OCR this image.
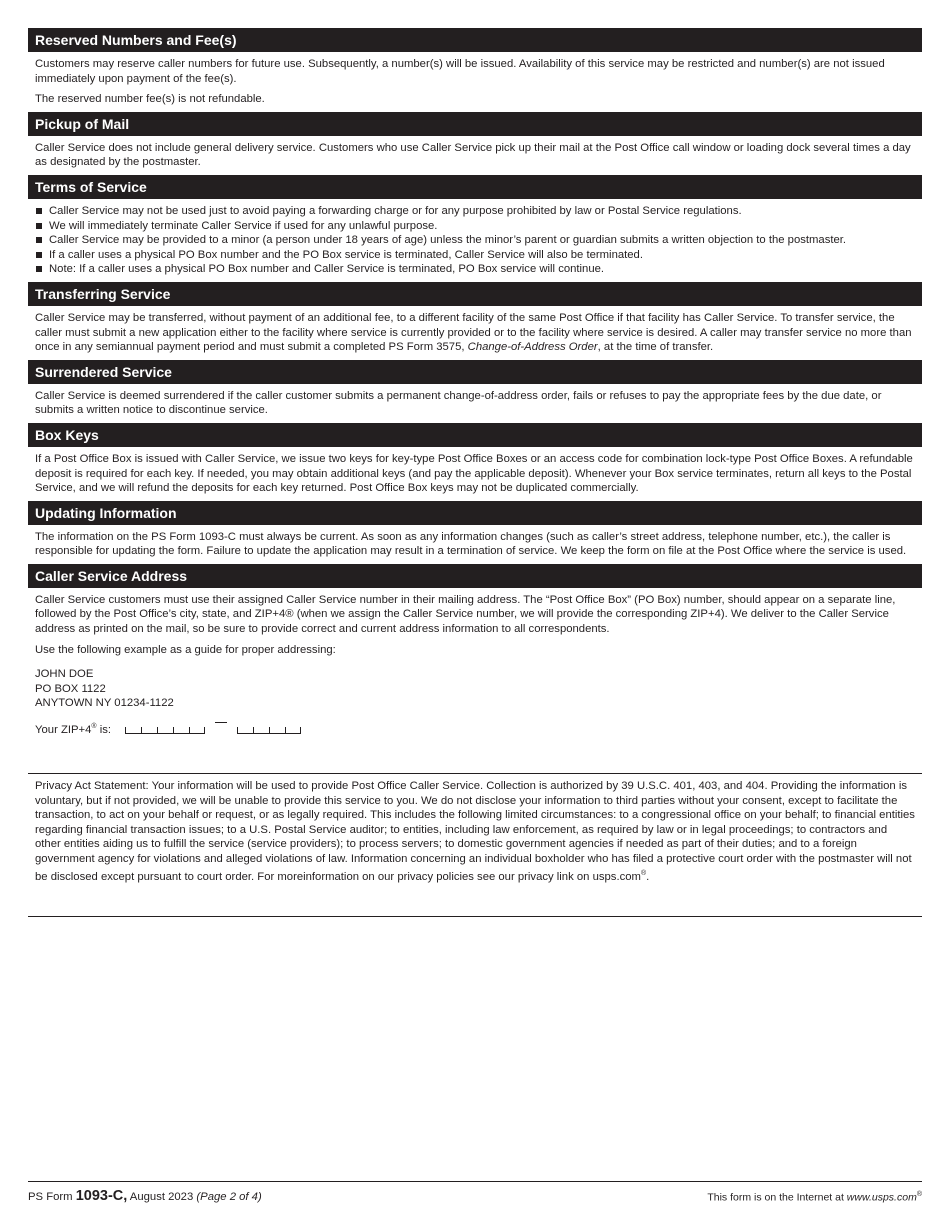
Reserved Numbers and Fee(s)

Customers may reserve caller numbers for future use. Subsequently, a number(s) will be issued. Availability of this service may be restricted and number(s) are not issued immediately upon payment of the fee(s).

The reserved number fee(s) is not refundable.

Pickup of Mail

Caller Service does not include general delivery service. Customers who use Caller Service pick up their mail at the Post Office call window or loading dock several times a day as designated by the postmaster.

Terms of Service
Caller Service may not be used just to avoid paying a forwarding charge or for any purpose prohibited by law or Postal Service regulations.
We will immediately terminate Caller Service if used for any unlawful purpose.
Caller Service may be provided to a minor (a person under 18 years of age) unless the minor’s parent or guardian submits a written objection to the postmaster.
If a caller uses a physical PO Box number and the PO Box service is terminated, Caller Service will also be terminated.
Note: If a caller uses a physical PO Box number and Caller Service is terminated, PO Box service will continue.
Transferring Service

Caller Service may be transferred, without payment of an additional fee, to a different facility of the same Post Office if that facility has Caller Service. To transfer service, the caller must submit a new application either to the facility where service is currently provided or to the facility where service is desired. A caller may transfer service no more than once in any semiannual payment period and must submit a completed PS Form 3575, Change-of-Address Order, at the time of transfer.

Surrendered Service

Caller Service is deemed surrendered if the caller customer submits a permanent change-of-address order, fails or refuses to pay the appropriate fees by the due date, or submits a written notice to discontinue service.

Box Keys

If a Post Office Box is issued with Caller Service, we issue two keys for key-type Post Office Boxes or an access code for combination lock-type Post Office Boxes. A refundable deposit is required for each key. If needed, you may obtain additional keys (and pay the applicable deposit). Whenever your Box service terminates, return all keys to the Postal Service, and we will refund the deposits for each key returned. Post Office Box keys may not be duplicated commercially.

Updating Information

The information on the PS Form 1093-C must always be current. As soon as any information changes (such as caller’s street address, telephone number, etc.), the caller is responsible for updating the form. Failure to update the application may result in a termination of service. We keep the form on file at the Post Office where the service is used.

Caller Service Address

Caller Service customers must use their assigned Caller Service number in their mailing address. The “Post Office Box” (PO Box) number, should appear on a separate line, followed by the Post Office’s city, state, and ZIP+4® (when we assign the Caller Service number, we will provide the corresponding ZIP+4). We deliver to the Caller Service address as printed on the mail, so be sure to provide correct and current address information to all correspondents.

Use the following example as a guide for proper addressing:

JOHN DOE
PO BOX 1122
ANYTOWN NY 01234-1122
Your ZIP+4® is:

Privacy Act Statement: Your information will be used to provide Post Office Caller Service. Collection is authorized by 39 U.S.C. 401, 403, and 404. Providing the information is voluntary, but if not provided, we will be unable to provide this service to you. We do not disclose your information to third parties without your consent, except to facilitate the transaction, to act on your behalf or request, or as legally required. This includes the following limited circumstances: to a congressional office on your behalf; to financial entities regarding financial transaction issues; to a U.S. Postal Service auditor; to entities, including law enforcement, as required by law or in legal proceedings; to contractors and other entities aiding us to fulfill the service (service providers); to process servers; to domestic government agencies if needed as part of their duties; and to a foreign government agency for violations and alleged violations of law. Information concerning an individual boxholder who has filed a protective court order with the postmaster will not be disclosed except pursuant to court order. For moreinformation on our privacy policies see our privacy link on usps.com®.

PS Form 1093-C, August 2023 (Page 2 of 4)	This form is on the Internet at www.usps.com®
